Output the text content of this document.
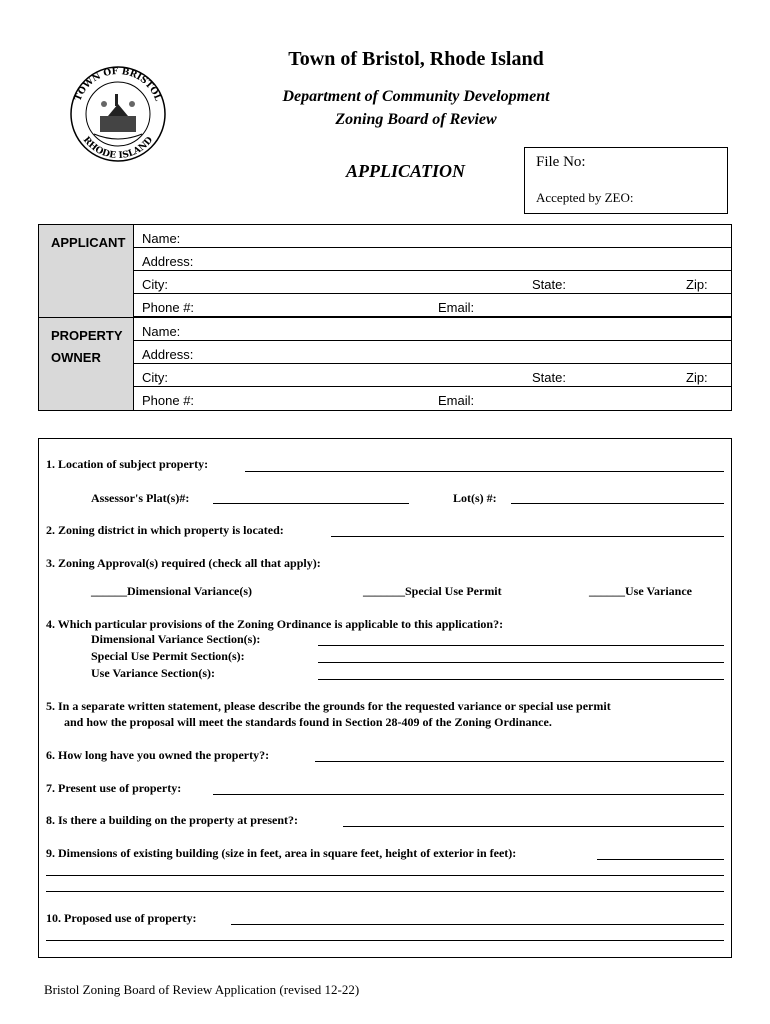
TOWN OF BRISTOL
RHODE ISLAND
Town of Bristol, Rhode Island
Department of Community Development
Zoning Board of Review
APPLICATION	File No:
Accepted by ZEO:
APPLICANT
PROPERTY
OWNER
Name:
Address:
City:	State:	Zip:
Phone #:	Email:
Name:
Address:
City:	State:	Zip:
Phone #:	Email:
1. Location of subject property:
Assessor's Plat(s)#:	Lot(s) #:
2. Zoning district in which property is located:
3. Zoning Approval(s) required (check all that apply):
______Dimensional Variance(s)	_______Special Use Permit	______Use Variance
4. Which particular provisions of the Zoning Ordinance is applicable to this application?:
Dimensional Variance Section(s):
Special Use Permit Section(s):
Use Variance Section(s):
5. In a separate written statement, please describe the grounds for the requested variance or special use permit
and how the proposal will meet the standards found in Section 28-409 of the Zoning Ordinance.
6. How long have you owned the property?:
7. Present use of property:
8. Is there a building on the property at present?:
9. Dimensions of existing building (size in feet, area in square feet, height of exterior in feet):
10. Proposed use of property:
Bristol Zoning Board of Review Application (revised 12-22)
